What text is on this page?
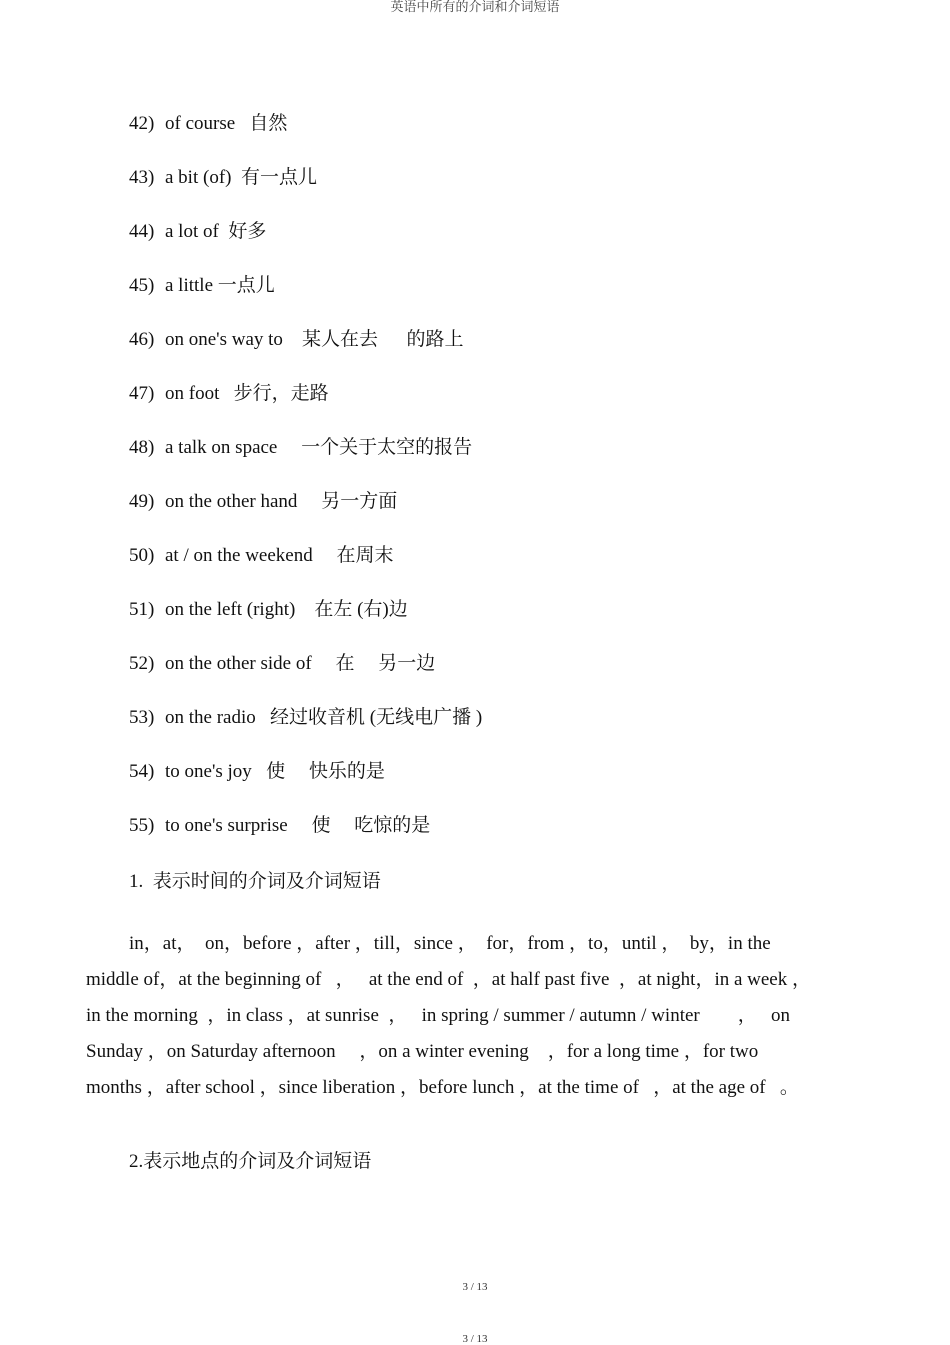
英语中所有的介词和介词短语
42) of course 自然
43) a bit (of) 有一点儿
44) a lot of 好多
45) a little 一点儿
46) on one's way to 某人在去      的路上
47) on foot 步行，走路
48) a talk on space 一个关于太空的报告
49) on the other hand 另一方面
50) at / on the weekend 在周末
51) on the left (right) 在左 (右)边
52) on the other side of 在     另一边
53) on the radio 经过收音机 (无线电广播 )
54) to one's joy 使     快乐的是
55) to one's surprise 使     吃惊的是
1.  表示时间的介词及介词短语
in，at，  on，before ，after ，till，since ，  for，from ，to，until ，  by，in the
middle of，at the beginning of   ，   at the end of  ，at half past five  ，at night，in a week ，
in the morning  ，in class ，at sunrise  ，   in spring / summer / autumn / winter        ，   on
Sunday ，on Saturday afternoon     ，on a winter evening    ，for a long time ，for two
months ，after school ，since liberation ，before lunch ，at the time of   ，at the age of   。
2.表示地点的介词及介词短语
3 / 13
3 / 13
